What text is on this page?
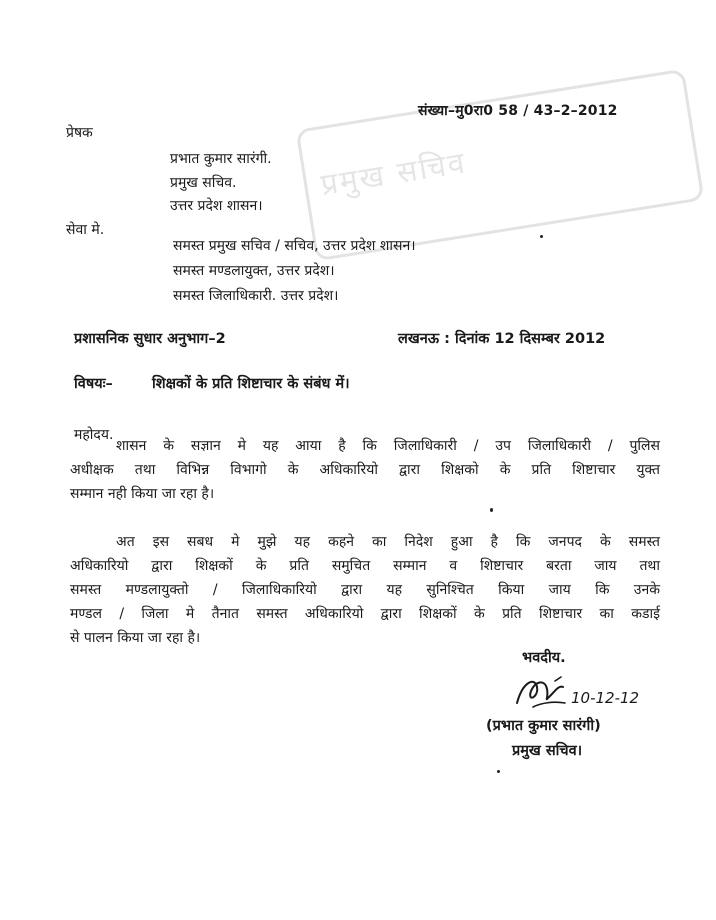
प्रमुख सचिव
संख्या–मु0रा0 58 / 43–2–2012
प्रेषक
प्रभात कुमार सारंगी.
प्रमुख सचिव.
उत्तर प्रदेश शासन।
सेवा मे.
समस्त प्रमुख सचिव / सचिव, उत्तर प्रदेश शासन।
समस्त मण्डलायुक्त, उत्तर प्रदेश।
समस्त जिलाधिकारी. उत्तर प्रदेश।
प्रशासनिक सुधार अनुभाग–2	लखनऊ : दिनांक 12 दिसम्बर 2012
विषयः–	शिक्षकों के प्रति शिष्टाचार के संबंध में।
महोदय.
शासन के सज्ञान मे यह आया है कि जिलाधिकारी / उप जिलाधिकारी / पुलिस
अधीक्षक तथा विभिन्न विभागो के अधिकारियो द्वारा शिक्षको के प्रति शिष्टाचार युक्त
सम्मान नही किया जा रहा है।
अत इस सबध मे मुझे यह कहने का निदेश हुआ है कि जनपद के समस्त
अधिकारियो द्वारा शिक्षकों के प्रति समुचित सम्मान व शिष्टाचार बरता जाय तथा
समस्त मण्डलायुक्तो / जिलाधिकारियो द्वारा यह सुनिश्चित किया जाय कि उनके
मण्डल / जिला मे तैनात समस्त अधिकारियो द्वारा शिक्षकों के प्रति शिष्टाचार का कडाई
से पालन किया जा रहा है।
भवदीय.
10-12-12
(प्रभात कुमार सारंगी)
प्रमुख सचिव।
